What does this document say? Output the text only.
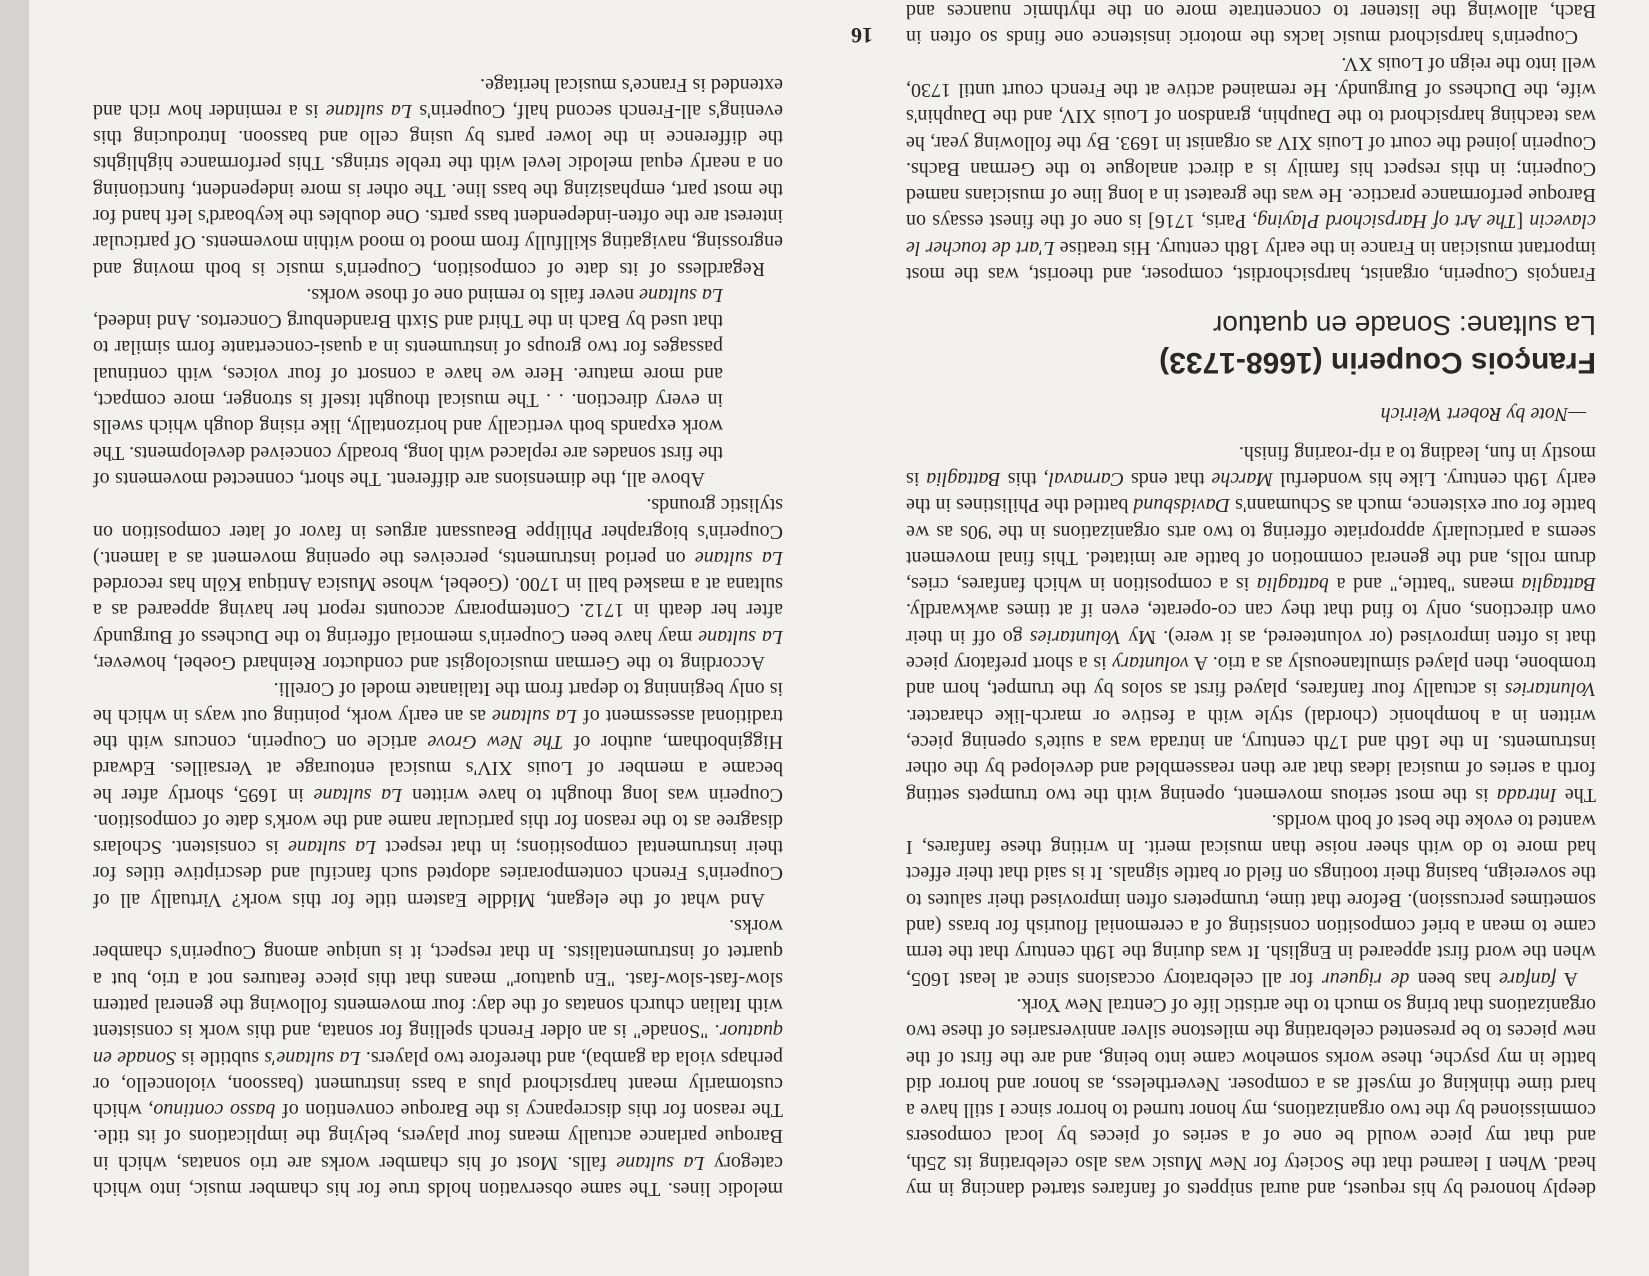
deeply honored by his request, and aural snippets of fanfares started dancing in my head. When I learned that the Society for New Music was also celebrating its 25th, and that my piece would be one of a series of pieces by local composers commissioned by the two organizations, my honor turned to horror since I still have a hard time thinking of myself as a composer. Nevertheless, as honor and horror did battle in my psyche, these works somehow came into being, and are the first of the new pieces to be presented celebrating the milestone silver anniversaries of these two organizations that bring so much to the artistic life of Central New York.

A fanfare has been de rigueur for all celebratory occasions since at least 1605, when the word first appeared in English. It was during the 19th century that the term came to mean a brief composition consisting of a ceremonial flourish for brass (and sometimes percussion). Before that time, trumpeters often improvised their salutes to the sovereign, basing their tootings on field or battle signals. It is said that their effect had more to do with sheer noise than musical merit. In writing these fanfares, I wanted to evoke the best of both worlds.

The Intrada is the most serious movement, opening with the two trumpets setting forth a series of musical ideas that are then reassembled and developed by the other instruments. In the 16th and 17th century, an intrada was a suite's opening piece, written in a homphonic (chordal) style with a festive or march-like character. Voluntaries is actually four fanfares, played first as solos by the trumpet, horn and trombone, then played simultaneously as a trio. A voluntary is a short prefatory piece that is often improvised (or volunteered, as it were). My Voluntaries go off in their own directions, only to find that they can co-operate, even if at times awkwardly. Battaglia means "battle," and a battaglia is a composition in which fanfares, cries, drum rolls, and the general commotion of battle are imitated. This final movement seems a particularly appropriate offering to two arts organizations in the '90s as we battle for our existence, much as Schumann's Davidsbund battled the Philistines in the early 19th century. Like his wonderful Marche that ends Carnaval, this Battaglia is mostly in fun, leading to a rip-roaring finish.

—Note by Robert Weirich
François Couperin (1668-1733)
La sultane: Sonade en quatuor

François Couperin, organist, harpsichordist, composer, and theorist, was the most important musician in France in the early 18th century. His treatise L'art de toucher le clavecin [The Art of Harpsichord Playing, Paris, 1716] is one of the finest essays on Baroque performance practice. He was the greatest in a long line of musicians named Couperin; in this respect his family is a direct analogue to the German Bachs. Couperin joined the court of Louis XIV as organist in 1693. By the following year, he was teaching harpsichord to the Dauphin, grandson of Louis XIV, and the Dauphin's wife, the Duchess of Burgundy. He remained active at the French court until 1730, well into the reign of Louis XV.

Couperin's harpsichord music lacks the motoric insistence one finds so often in Bach, allowing the listener to concentrate more on the rhythmic nuances and

melodic lines. The same observation holds true for his chamber music, into which category La sultane falls. Most of his chamber works are trio sonatas, which in Baroque parlance actually means four players, belying the implications of its title. The reason for this discrepancy is the Baroque convention of basso continuo, which customarily meant harpsichord plus a bass instrument (bassoon, violoncello, or perhaps viola da gamba), and therefore two players. La sultane's subtitle is Sonade en quatuor. "Sonade" is an older French spelling for sonata, and this work is consistent with Italian church sonatas of the day: four movements following the general pattern slow-fast-slow-fast. "En quatuor" means that this piece features not a trio, but a quartet of instrumentalists. In that respect, it is unique among Couperin's chamber works.

And what of the elegant, Middle Eastern title for this work? Virtually all of Couperin's French contemporaries adopted such fanciful and descriptive titles for their instrumental compositions; in that respect La sultane is consistent. Scholars disagree as to the reason for this particular name and the work's date of composition. Couperin was long thought to have written La sultane in 1695, shortly after he became a member of Louis XIV's musical entourage at Versailles. Edward Higginbotham, author of The New Grove article on Couperin, concurs with the traditional assessment of La sultane as an early work, pointing out ways in which he is only beginning to depart from the Italianate model of Corelli.

According to the German musicologist and conductor Reinhard Goebel, however, La sultane may have been Couperin's memorial offering to the Duchess of Burgundy after her death in 1712. Contemporary accounts report her having appeared as a sultana at a masked ball in 1700. (Goebel, whose Musica Antiqua Köln has recorded La sultane on period instruments, perceives the opening movement as a lament.) Couperin's biographer Philippe Beaussant argues in favor of later composition on stylistic grounds.

Above all, the dimensions are different. The short, connected movements of the first sonades are replaced with long, broadly conceived developments. The work expands both vertically and horizontally, like rising dough which swells in every direction. . . The musical thought itself is stronger, more compact, and more mature. Here we have a consort of four voices, with continual passages for two groups of instruments in a quasi-concertante form similar to that used by Bach in the Third and Sixth Brandenburg Concertos. And indeed, La sultane never fails to remind one of those works.

Regardless of its date of composition, Couperin's music is both moving and engrossing, navigating skillfully from mood to mood within movements. Of particular interest are the often-independent bass parts. One doubles the keyboard's left hand for the most part, emphasizing the bass line. The other is more independent, functioning on a nearly equal melodic level with the treble strings. This performance highlights the difference in the lower parts by using cello and bassoon. Introducing this evening's all-French second half, Couperin's La sultane is a reminder how rich and extended is France's musical heritage.

16
